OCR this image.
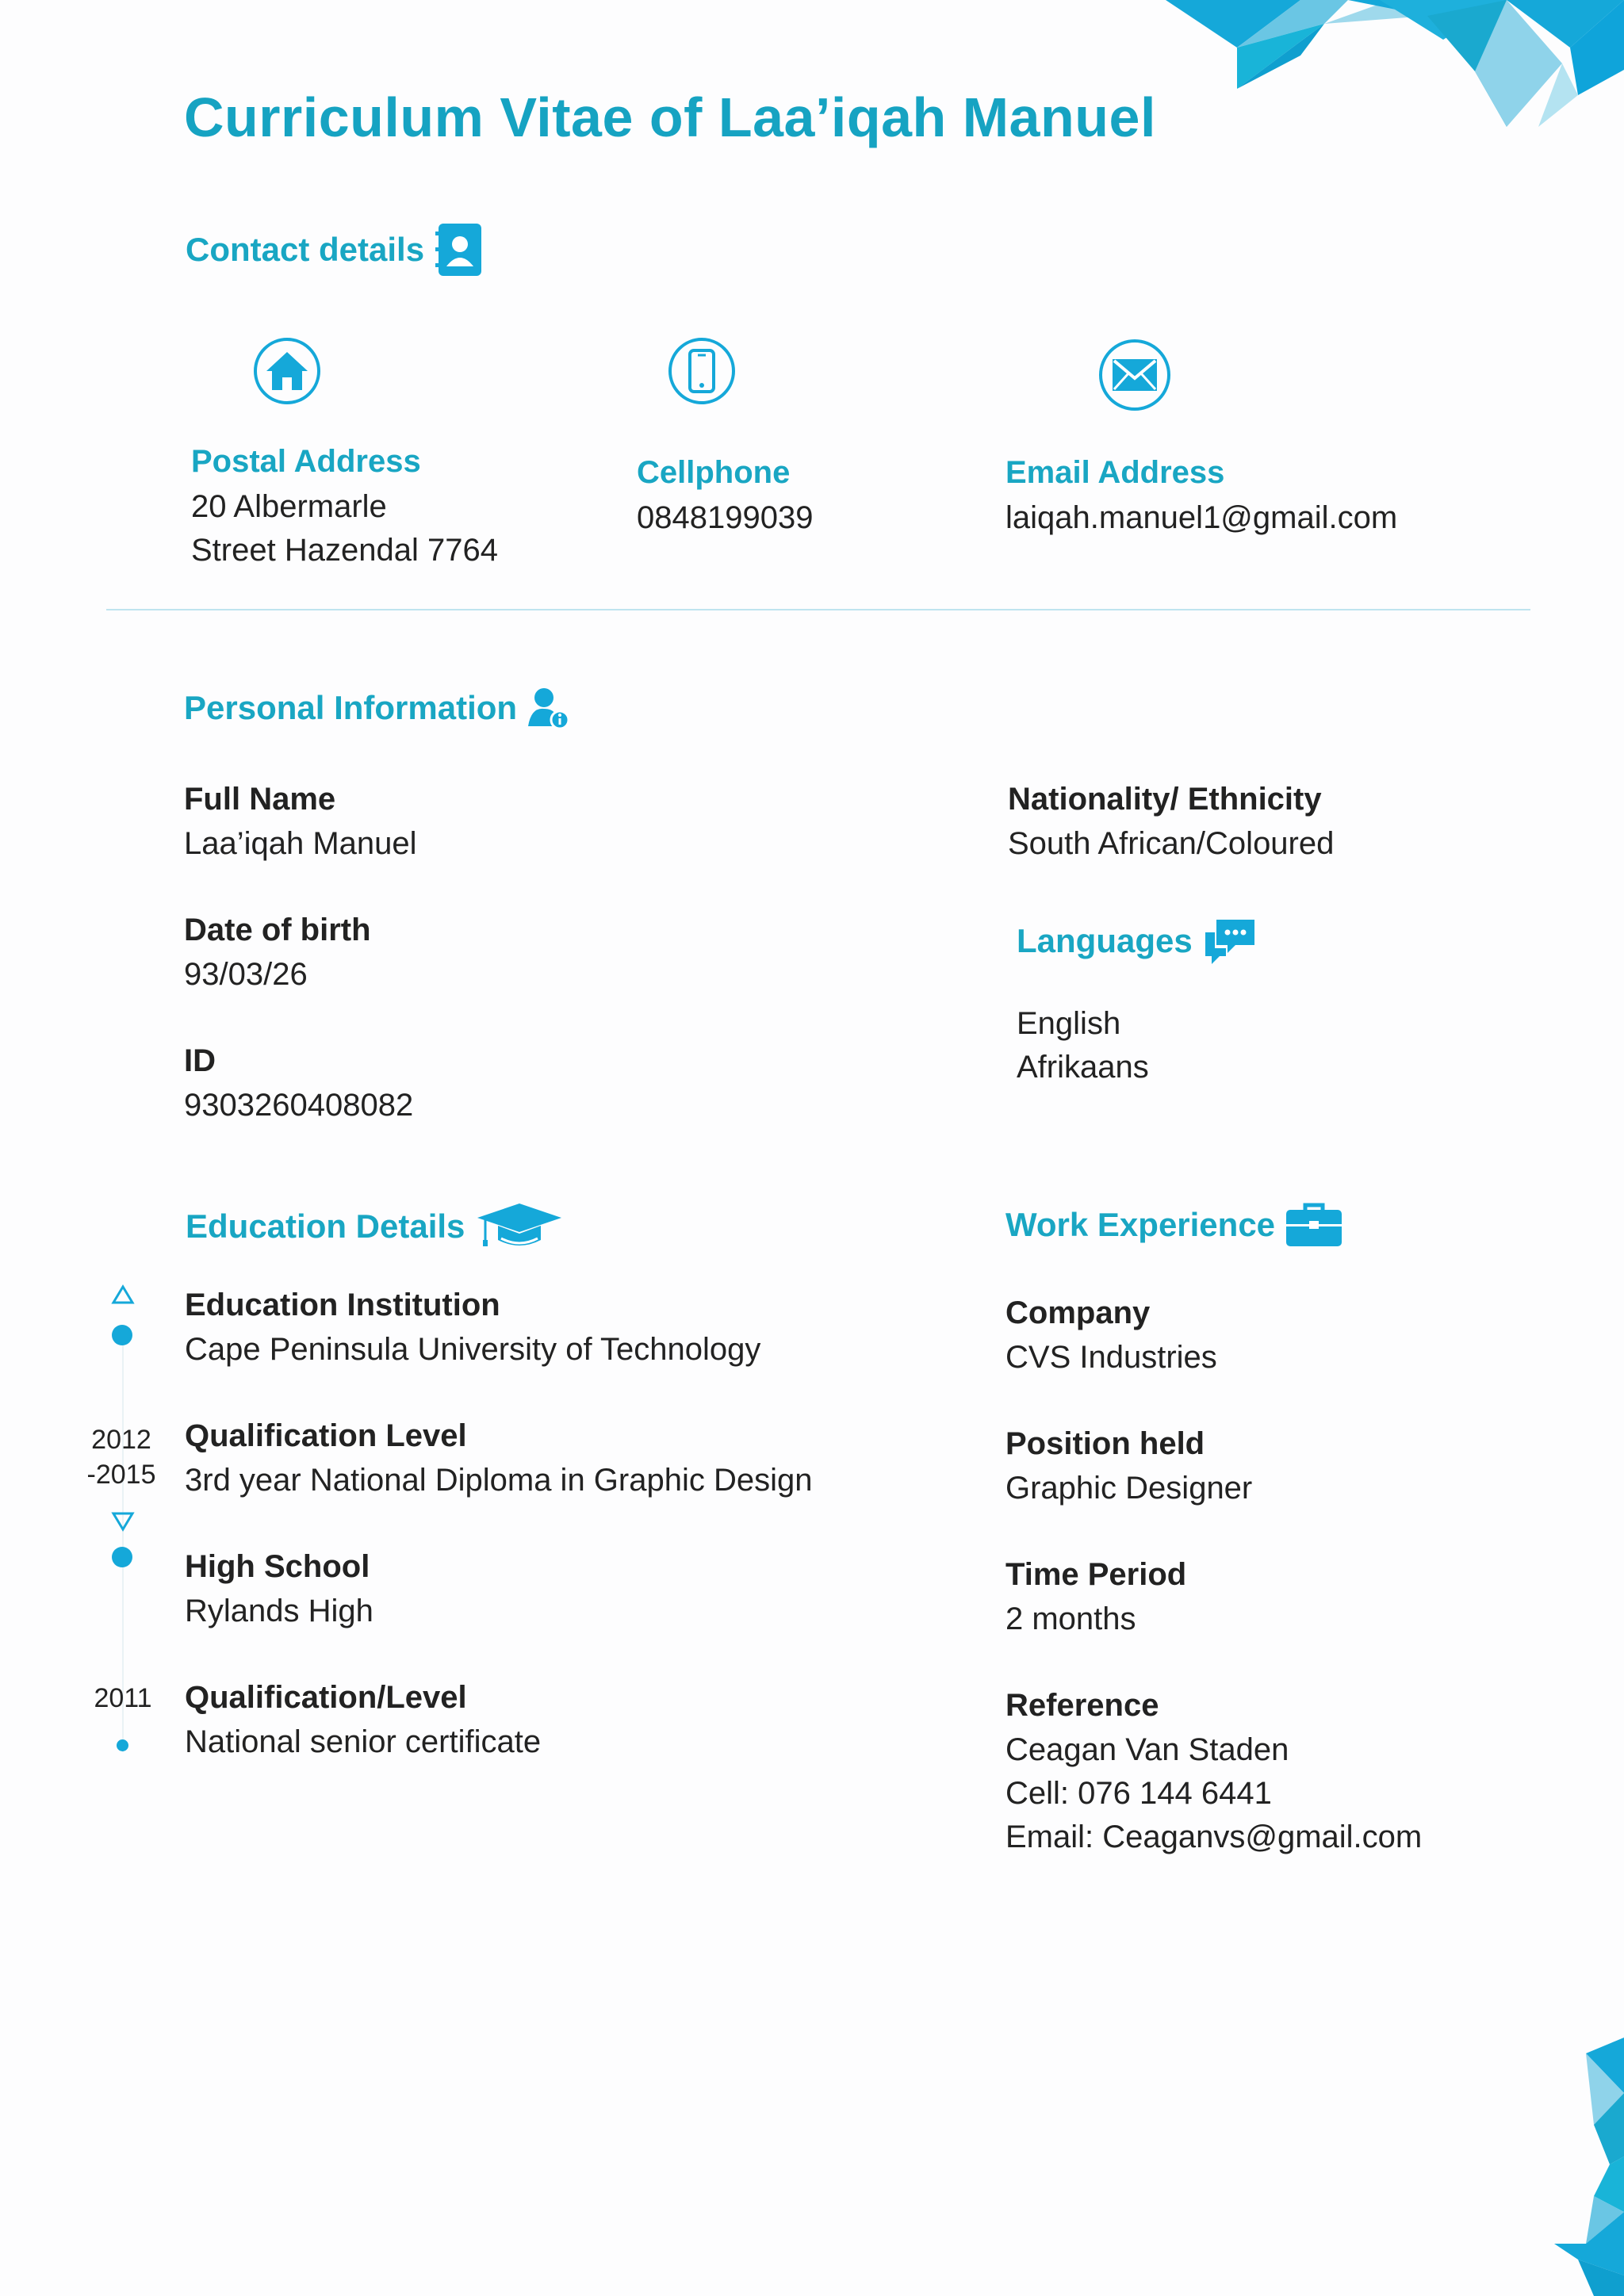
Curriculum Vitae of Laa’iqah Manuel
Contact details
Postal Address
20 Albermarle
Street Hazendal 7764
Cellphone
0848199039
Email Address
laiqah.manuel1@gmail.com
Personal Information
Full Name
Laa’iqah Manuel
Date of birth
93/03/26
ID
9303260408082
Nationality/ Ethnicity
South African/Coloured
Languages
English
Afrikaans
Education Details
2012
-2015
2011
Education Institution
Cape Peninsula University of Technology
Qualification Level
3rd year National Diploma in Graphic Design
High School
Rylands High
Qualification/Level
National senior certificate
Work Experience
Company
CVS Industries
Position held
Graphic Designer
Time Period
2 months
Reference
Ceagan Van Staden
Cell: 076 144 6441
Email: Ceaganvs@gmail.com
